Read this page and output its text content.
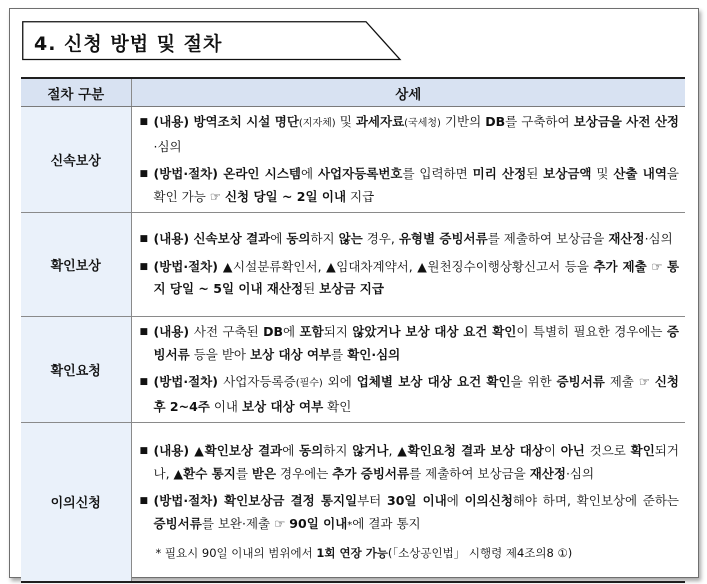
4. 신청 방법 및 절차
절차 구분	상세
신속보상	■ (내용) 방역조치 시설 명단(지자체) 및 과세자료(국세청) 기반의 DB를 구축하여 보상금을 사전 산정·심의
■ (방법·절차) 온라인 시스템에 사업자등록번호를 입력하면 미리 산정된 보상금액 및 산출 내역을 확인 가능 ☞ 신청 당일 ~ 2일 이내 지급

확인보상	■ (내용) 신속보상 결과에 동의하지 않는 경우, 유형별 증빙서류를 제출하여 보상금을 재산정·심의
■ (방법·절차) ▲시설분류확인서, ▲임대차계약서, ▲원천징수이행상황신고서 등을 추가 제출 ☞ 통지 당일 ~ 5일 이내 재산정된 보상금 지급

확인요청	■ (내용) 사전 구축된 DB에 포함되지 않았거나 보상 대상 요건 확인이 특별히 필요한 경우에는 증빙서류 등을 받아 보상 대상 여부를 확인·심의
■ (방법·절차) 사업자등록증(필수) 외에 업체별 보상 대상 요건 확인을 위한 증빙서류 제출 ☞ 신청 후 2~4주 이내 보상 대상 여부 확인

이의신청	■ (내용) ▲확인보상 결과에 동의하지 않거나, ▲확인요청 결과 보상 대상이 아닌 것으로 확인되거나, ▲환수 통지를 받은 경우에는 추가 증빙서류를 제출하여 보상금을 재산정·심의
■ (방법·절차) 확인보상금 결정 통지일부터 30일 이내에 이의신청해야 하며, 확인보상에 준하는 증빙서류를 보완·제출 ☞ 90일 이내*에 결과 통지
* 필요시 90일 이내의 범위에서 1회 연장 가능(「소상공인법」 시행령 제4조의8 ①)
